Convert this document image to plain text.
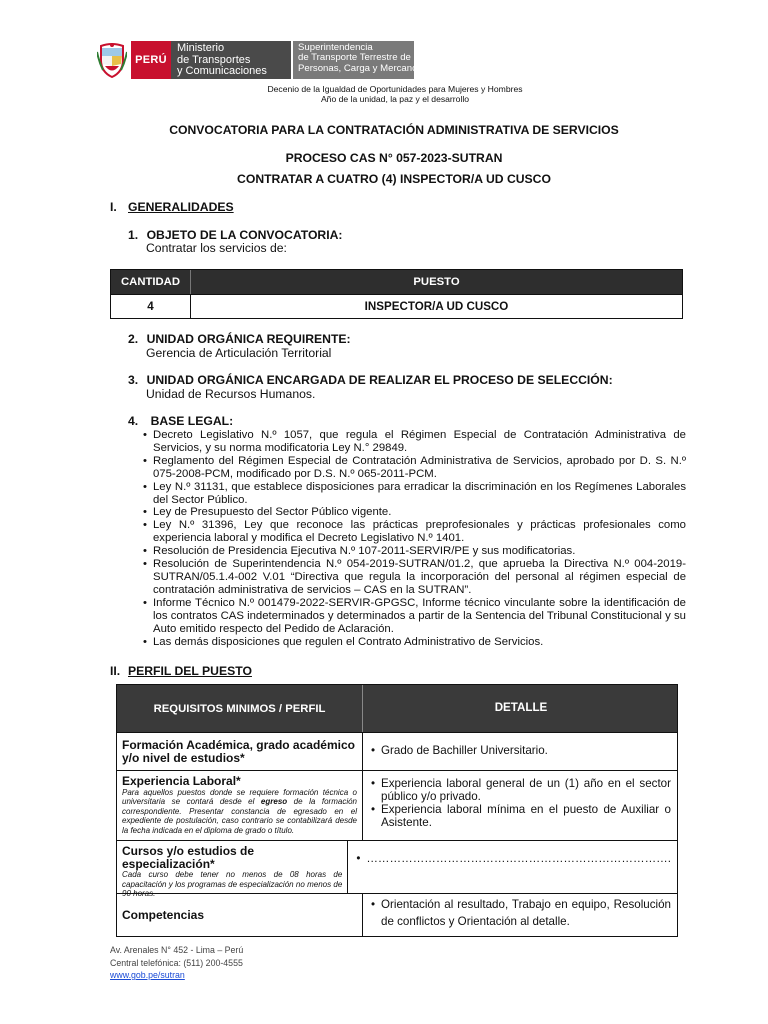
PERÚ
Ministerio
de Transportes
y Comunicaciones
Superintendencia
de Transporte Terrestre de
Personas, Carga y Mercancías
Decenio de la Igualdad de Oportunidades para Mujeres y Hombres
Año de la unidad, la paz y el desarrollo
CONVOCATORIA PARA LA CONTRATACIÓN ADMINISTRATIVA DE SERVICIOS
PROCESO CAS N° 057-2023-SUTRAN
CONTRATAR A CUATRO (4) INSPECTOR/A UD CUSCO
I. GENERALIDADES
1. OBJETO DE LA CONVOCATORIA:
Contratar los servicios de:
CANTIDAD	PUESTO
4	INSPECTOR/A UD CUSCO
2. UNIDAD ORGÁNICA REQUIRENTE:
Gerencia de Articulación Territorial
3. UNIDAD ORGÁNICA ENCARGADA DE REALIZAR EL PROCESO DE SELECCIÓN:
Unidad de Recursos Humanos.
4. BASE LEGAL:
• Decreto Legislativo N.º 1057, que regula el Régimen Especial de Contratación Administrativa de Servicios, y su norma modificatoria Ley N.° 29849.
• Reglamento del Régimen Especial de Contratación Administrativa de Servicios, aprobado por D. S. N.º 075-2008-PCM, modificado por D.S. N.º 065-2011-PCM.
• Ley N.º 31131, que establece disposiciones para erradicar la discriminación en los Regímenes Laborales del Sector Público.
• Ley de Presupuesto del Sector Público vigente.
• Ley N.º 31396, Ley que reconoce las prácticas preprofesionales y prácticas profesionales como experiencia laboral y modifica el Decreto Legislativo N.º 1401.
• Resolución de Presidencia Ejecutiva N.º 107-2011-SERVIR/PE y sus modificatorias.
• Resolución de Superintendencia N.º 054-2019-SUTRAN/01.2, que aprueba la Directiva N.º 004-2019-SUTRAN/05.1.4-002 V.01 “Directiva que regula la incorporación del personal al régimen especial de contratación administrativa de servicios – CAS en la SUTRAN”.
• Informe Técnico N.º 001479-2022-SERVIR-GPGSC, Informe técnico vinculante sobre la identificación de los contratos CAS indeterminados y determinados a partir de la Sentencia del Tribunal Constitucional y su Auto emitido respecto del Pedido de Aclaración.
• Las demás disposiciones que regulen el Contrato Administrativo de Servicios.
II. PERFIL DEL PUESTO
REQUISITOS MINIMOS / PERFIL	DETALLE
Formación Académica, grado académico y/o nivel de estudios*
•	Grado de Bachiller Universitario.
Experiencia Laboral*
Para aquellos puestos donde se requiere formación técnica o universitaria se contará desde el egreso de la formación correspondiente. Presentar constancia de egresado en el expediente de postulación, caso contrario se contabilizará desde la fecha indicada en el diploma de grado o título.
• Experiencia laboral general de un (1) año en el sector público y/o privado.
• Experiencia laboral mínima en el puesto de Auxiliar o Asistente.
Cursos y/o estudios de especialización*
Cada curso debe tener no menos de 08 horas de capacitación y los programas de especialización no menos de 90 horas.
• …………………………………………………………………….
Competencias
• Orientación al resultado, Trabajo en equipo, Resolución de conflictos y Orientación al detalle.
Av. Arenales N° 452 - Lima – Perú
Central telefónica: (511) 200-4555
www.gob.pe/sutran
